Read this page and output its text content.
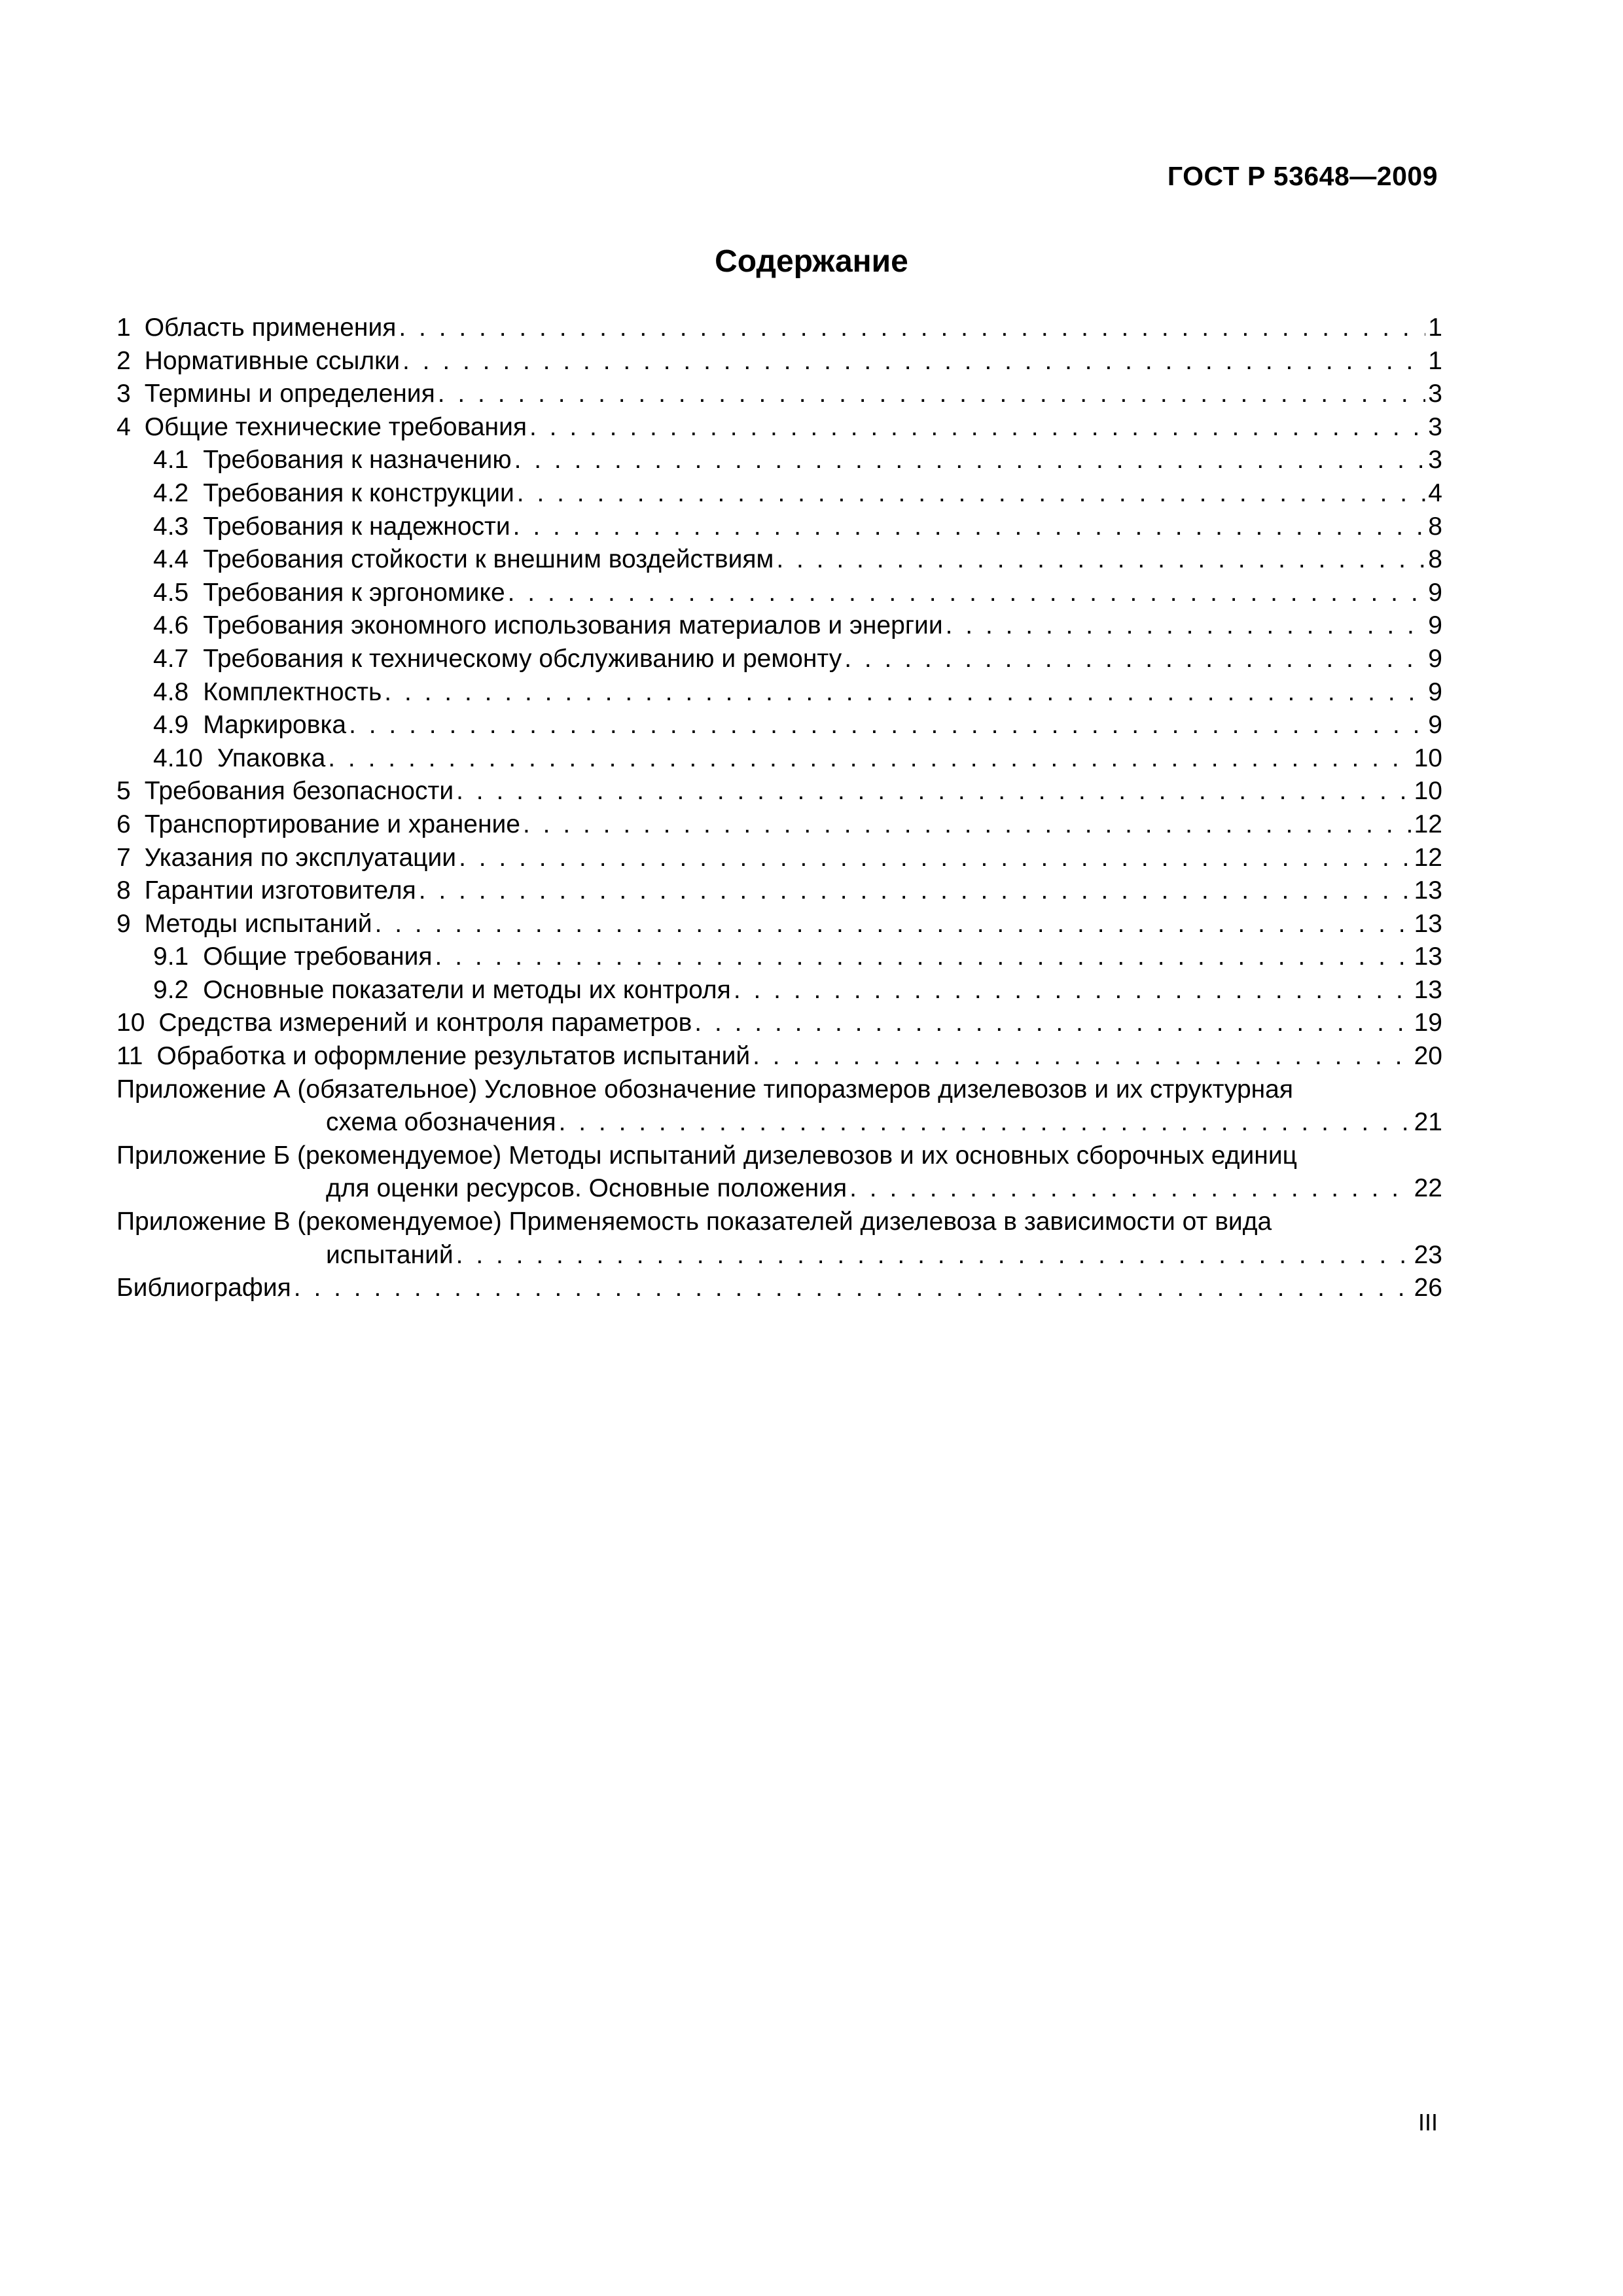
ГОСТ Р 53648—2009
Содержание
1 Область применения . . .	1
2 Нормативные ссылки . . .	1
3 Термины и определения . . .	3
4 Общие технические требования . . .	3
4.1 Требования к назначению . . .	3
4.2 Требования к конструкции . . .	4
4.3 Требования к надежности . . .	8
4.4 Требования стойкости к внешним воздействиям . . .	8
4.5 Требования к эргономике . . .	9
4.6 Требования экономного использования материалов и энергии . . .	9
4.7 Требования к техническому обслуживанию и ремонту . . .	9
4.8 Комплектность . . .	9
4.9 Маркировка . . .	9
4.10 Упаковка . . .	10
5 Требования безопасности . . .	10
6 Транспортирование и хранение . . .	12
7 Указания по эксплуатации . . .	12
8 Гарантии изготовителя . . .	13
9 Методы испытаний . . .	13
9.1 Общие требования . . .	13
9.2 Основные показатели и методы их контроля . . .	13
10 Средства измерений и контроля параметров . . .	19
11 Обработка и оформление результатов испытаний . . .	20
Приложение А (обязательное) Условное обозначение типоразмеров дизелевозов и их структурная
схема обозначения . . .	21
Приложение Б (рекомендуемое) Методы испытаний дизелевозов и их основных сборочных единиц
для оценки ресурсов. Основные положения . . .	22
Приложение В (рекомендуемое) Применяемость показателей дизелевоза в зависимости от вида
испытаний . . .	23
Библиография . . .	26
III
